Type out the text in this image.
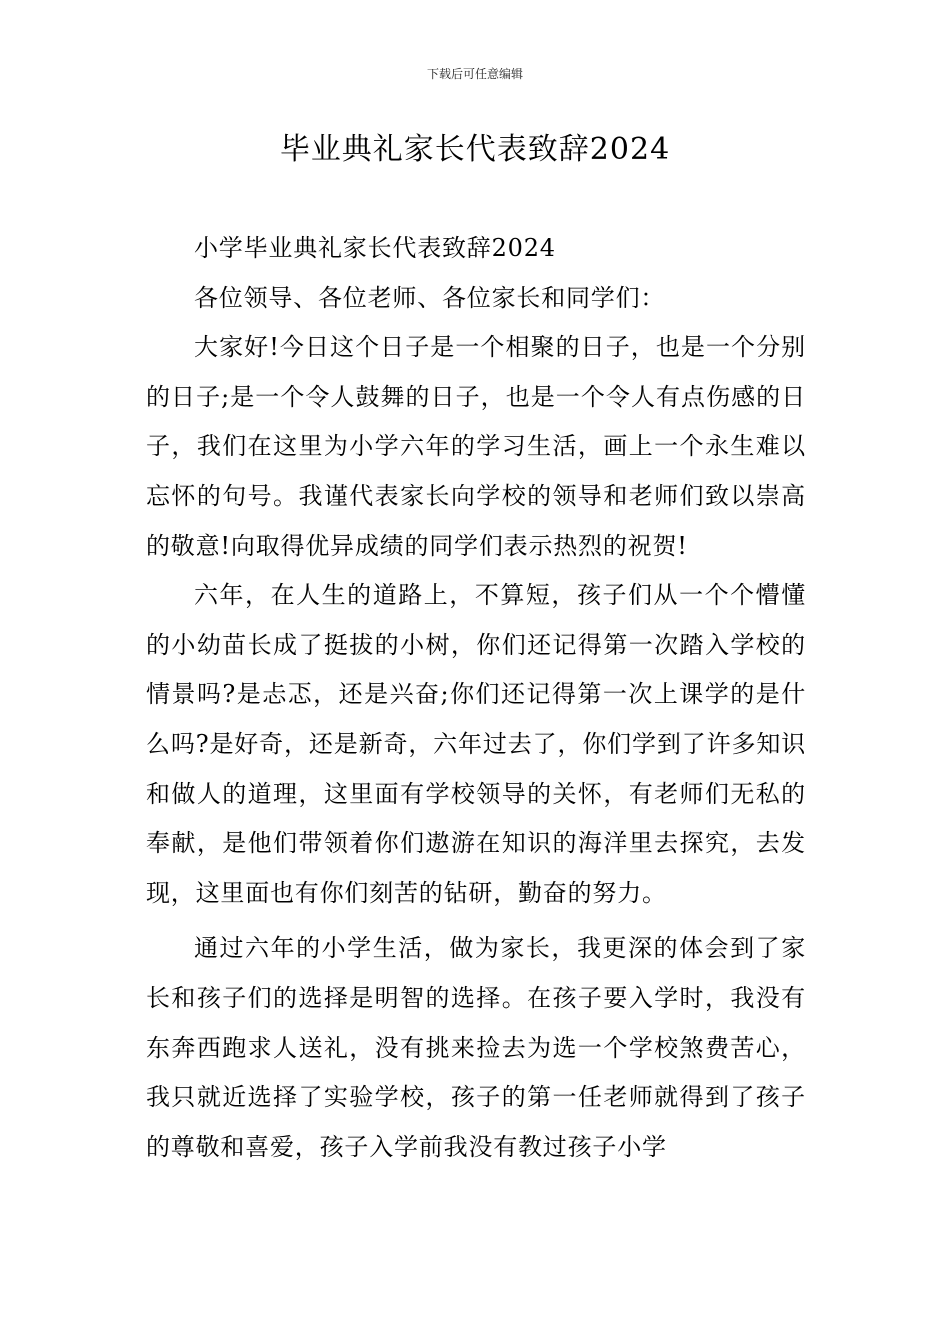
下载后可任意编辑
毕业典礼家长代表致辞2024

小学毕业典礼家长代表致辞2024

各位领导、各位老师、各位家长和同学们：

大家好!今日这个日子是一个相聚的日子，也是一个分别的日子;是一个令人鼓舞的日子，也是一个令人有点伤感的日子，我们在这里为小学六年的学习生活，画上一个永生难以忘怀的句号。我谨代表家长向学校的领导和老师们致以崇高的敬意!向取得优异成绩的同学们表示热烈的祝贺!

六年，在人生的道路上，不算短，孩子们从一个个懵懂的小幼苗长成了挺拔的小树，你们还记得第一次踏入学校的情景吗?是忐忑，还是兴奋;你们还记得第一次上课学的是什么吗?是好奇，还是新奇，六年过去了，你们学到了许多知识和做人的道理，这里面有学校领导的关怀，有老师们无私的奉献，是他们带领着你们遨游在知识的海洋里去探究，去发现，这里面也有你们刻苦的钻研，勤奋的努力。

通过六年的小学生活，做为家长，我更深的体会到了家长和孩子们的选择是明智的选择。在孩子要入学时，我没有东奔西跑求人送礼，没有挑来捡去为选一个学校煞费苦心，我只就近选择了实验学校，孩子的第一任老师就得到了孩子的尊敬和喜爱，孩子入学前我没有教过孩子小学
